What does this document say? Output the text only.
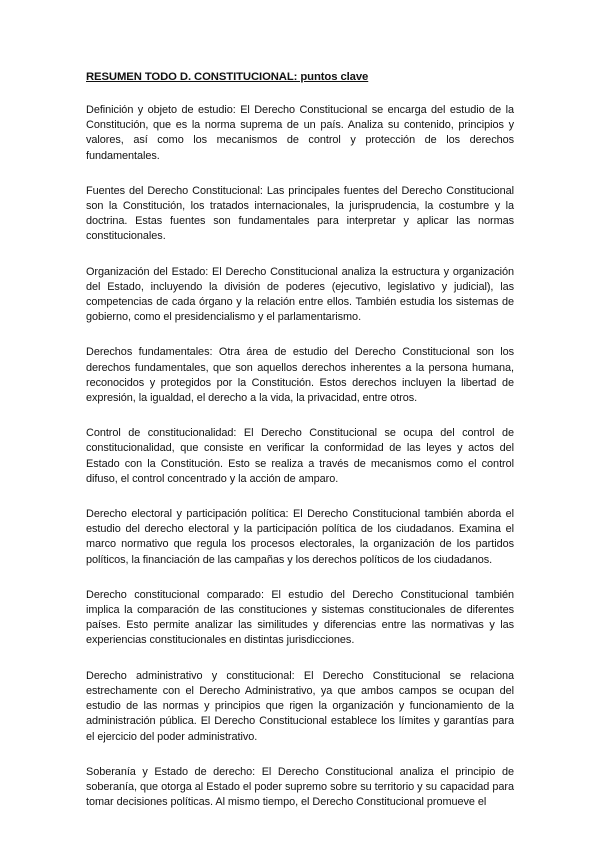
RESUMEN TODO D. CONSTITUCIONAL: puntos clave

Definición y objeto de estudio: El Derecho Constitucional se encarga del estudio de la Constitución, que es la norma suprema de un país. Analiza su contenido, principios y valores, así como los mecanismos de control y protección de los derechos fundamentales.

Fuentes del Derecho Constitucional: Las principales fuentes del Derecho Constitucional son la Constitución, los tratados internacionales, la jurisprudencia, la costumbre y la doctrina. Estas fuentes son fundamentales para interpretar y aplicar las normas constitucionales.

Organización del Estado: El Derecho Constitucional analiza la estructura y organización del Estado, incluyendo la división de poderes (ejecutivo, legislativo y judicial), las competencias de cada órgano y la relación entre ellos. También estudia los sistemas de gobierno, como el presidencialismo y el parlamentarismo.

Derechos fundamentales: Otra área de estudio del Derecho Constitucional son los derechos fundamentales, que son aquellos derechos inherentes a la persona humana, reconocidos y protegidos por la Constitución. Estos derechos incluyen la libertad de expresión, la igualdad, el derecho a la vida, la privacidad, entre otros.

Control de constitucionalidad: El Derecho Constitucional se ocupa del control de constitucionalidad, que consiste en verificar la conformidad de las leyes y actos del Estado con la Constitución. Esto se realiza a través de mecanismos como el control difuso, el control concentrado y la acción de amparo.

Derecho electoral y participación política: El Derecho Constitucional también aborda el estudio del derecho electoral y la participación política de los ciudadanos. Examina el marco normativo que regula los procesos electorales, la organización de los partidos políticos, la financiación de las campañas y los derechos políticos de los ciudadanos.

Derecho constitucional comparado: El estudio del Derecho Constitucional también implica la comparación de las constituciones y sistemas constitucionales de diferentes países. Esto permite analizar las similitudes y diferencias entre las normativas y las experiencias constitucionales en distintas jurisdicciones.

Derecho administrativo y constitucional: El Derecho Constitucional se relaciona estrechamente con el Derecho Administrativo, ya que ambos campos se ocupan del estudio de las normas y principios que rigen la organización y funcionamiento de la administración pública. El Derecho Constitucional establece los límites y garantías para el ejercicio del poder administrativo.

Soberanía y Estado de derecho: El Derecho Constitucional analiza el principio de soberanía, que otorga al Estado el poder supremo sobre su territorio y su capacidad para tomar decisiones políticas. Al mismo tiempo, el Derecho Constitucional promueve el
